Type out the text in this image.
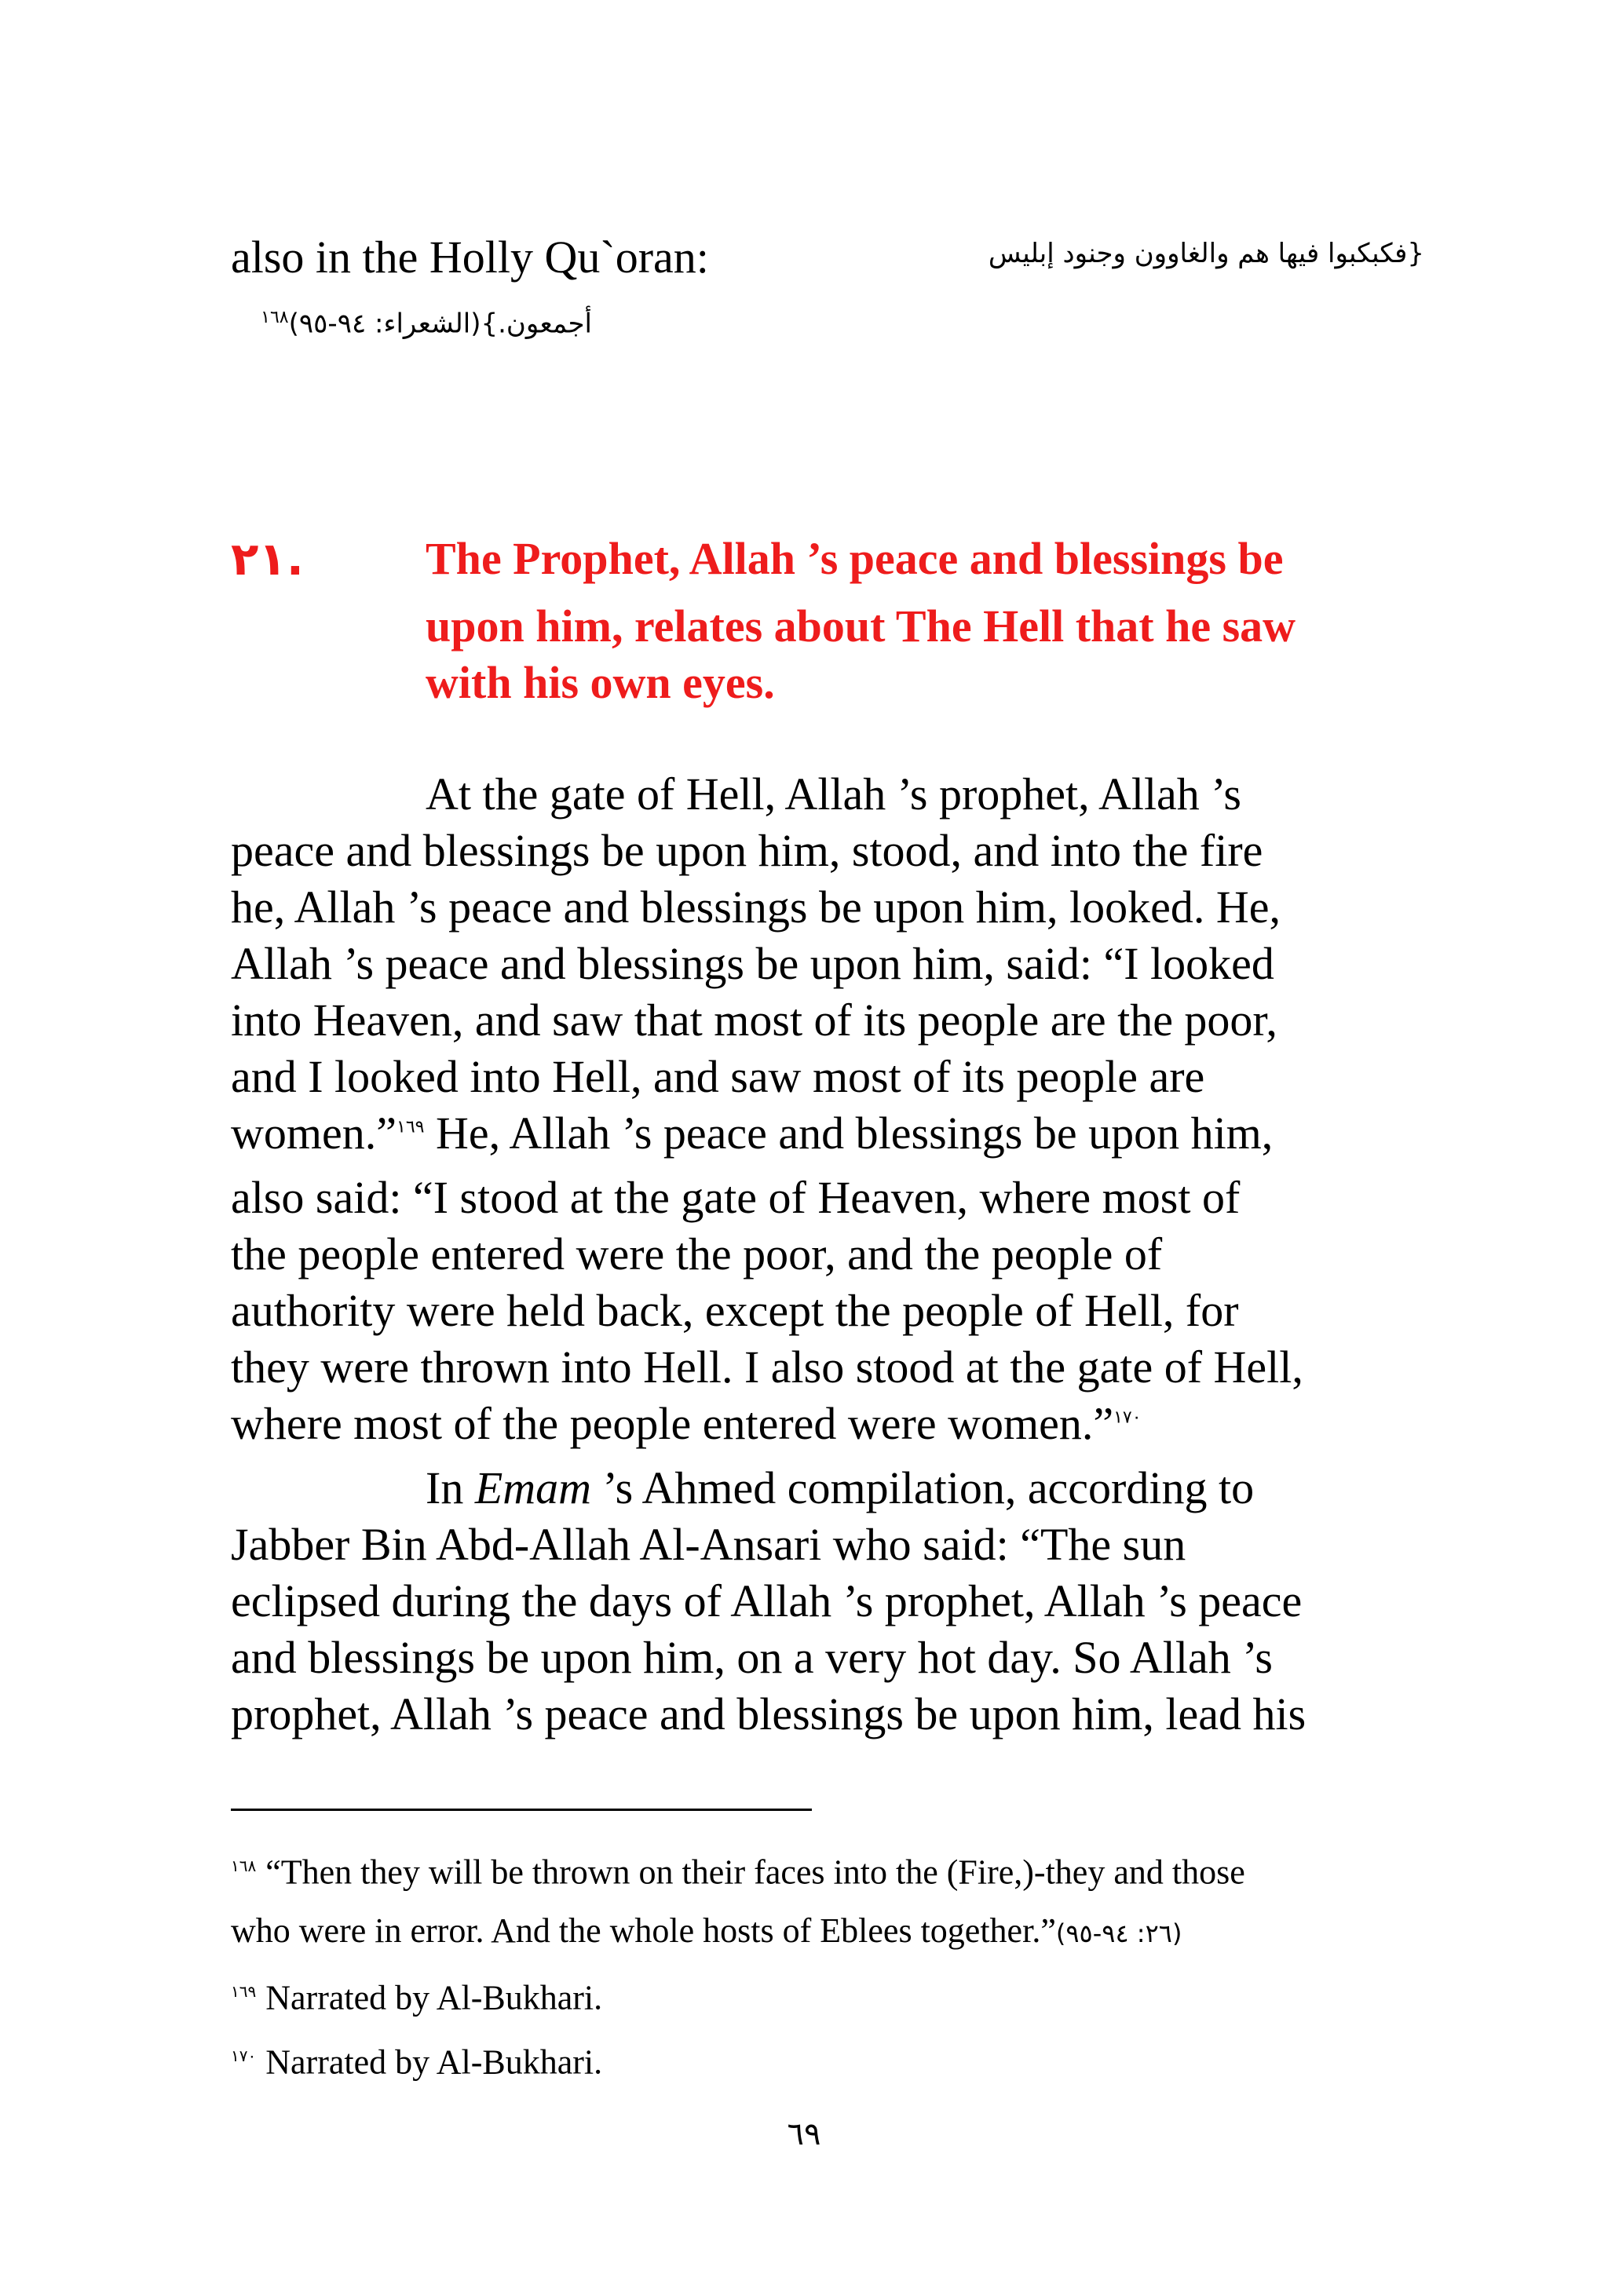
also in the Holly Qu`oran:	{فكبكبوا فيها هم والغاوون وجنود إبليس
أجمعون.}(الشعراء: ٩٤-٩٥)$^{١٦٨}$
٢١.	The Prophet, Allah ’s peace and blessings be
upon him, relates about The Hell that he saw
with his own eyes.
At the gate of Hell, Allah ’s prophet, Allah ’s
peace and blessings be upon him, stood, and into the fire
he, Allah ’s peace and blessings be upon him, looked. He,
Allah ’s peace and blessings be upon him, said: “I looked
into Heaven, and saw that most of its people are the poor,
and I looked into Hell, and saw most of its people are
women.”$^{١٦٩}$ He, Allah ’s peace and blessings be upon him,
also said: “I stood at the gate of Heaven, where most of
the people entered were the poor, and the people of
authority were held back, except the people of Hell, for
they were thrown into Hell. I also stood at the gate of Hell,
where most of the people entered were women.”$^{١٧٠}$
In Emam ’s Ahmed compilation, according to
Jabber Bin Abd-Allah Al-Ansari who said: “The sun
eclipsed during the days of Allah ’s prophet, Allah ’s peace
and blessings be upon him, on a very hot day. So Allah ’s
prophet, Allah ’s peace and blessings be upon him, lead his
$^{١٦٨}$ “Then they will be thrown on their faces into the (Fire,)-they and those
who were in error. And the whole hosts of Eblees together.”(٢٦: ٩٤-٩٥)
$^{١٦٩}$ Narrated by Al-Bukhari.
$^{١٧٠}$ Narrated by Al-Bukhari.
٦٩
